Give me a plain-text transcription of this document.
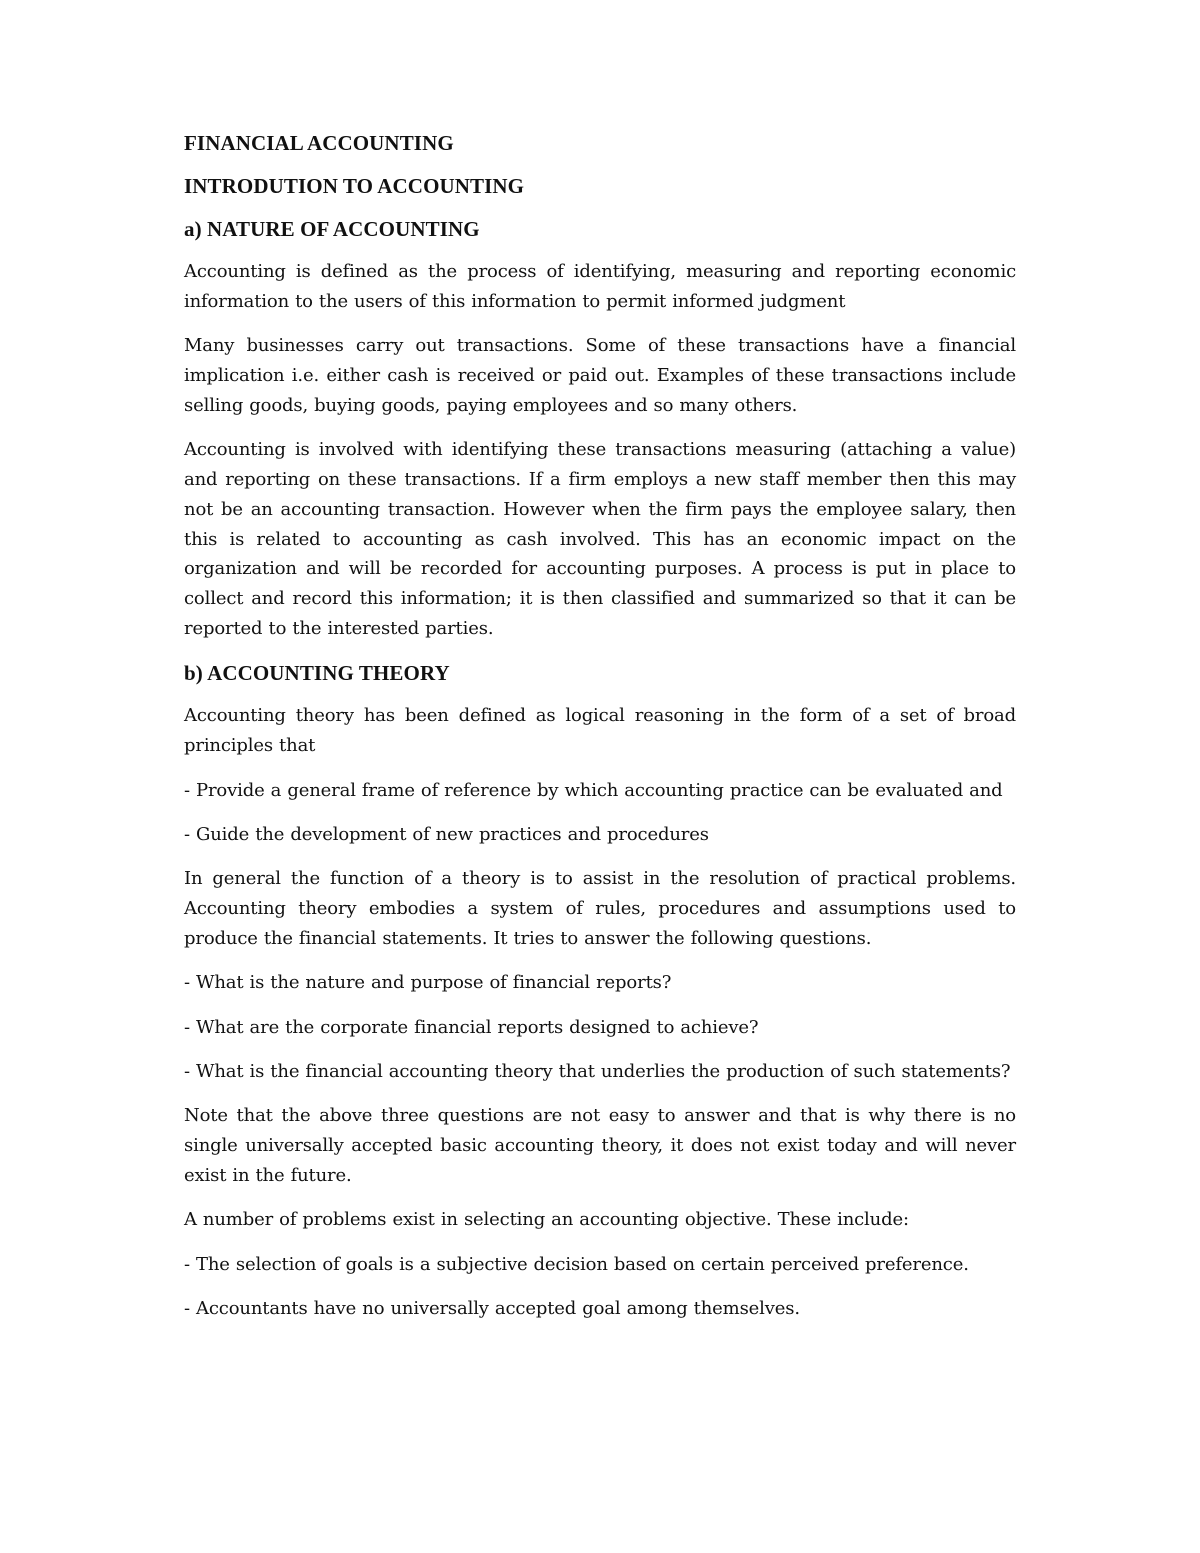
FINANCIAL ACCOUNTING
INTRODUTION TO ACCOUNTING
a) NATURE OF ACCOUNTING

Accounting is defined as the process of identifying, measuring and reporting economic information to the users of this information to permit informed judgment

Many businesses carry out transactions. Some of these transactions have a financial implication i.e. either cash is received or paid out. Examples of these transactions include selling goods, buying goods, paying employees and so many others.

Accounting is involved with identifying these transactions measuring (attaching a value) and reporting on these transactions. If a firm employs a new staff member then this may not be an accounting transaction. However when the firm pays the employee salary, then this is related to accounting as cash involved. This has an economic impact on the organization and will be recorded for accounting purposes. A process is put in place to collect and record this information; it is then classified and summarized so that it can be reported to the interested parties.

b) ACCOUNTING THEORY

Accounting theory has been defined as logical reasoning in the form of a set of broad principles that

- Provide a general frame of reference by which accounting practice can be evaluated and

- Guide the development of new practices and procedures

In general the function of a theory is to assist in the resolution of practical problems. Accounting theory embodies a system of rules, procedures and assumptions used to produce the financial statements. It tries to answer the following questions.

- What is the nature and purpose of financial reports?

- What are the corporate financial reports designed to achieve?

- What is the financial accounting theory that underlies the production of such statements?

Note that the above three questions are not easy to answer and that is why there is no single universally accepted basic accounting theory, it does not exist today and will never exist in the future.

A number of problems exist in selecting an accounting objective. These include:

- The selection of goals is a subjective decision based on certain perceived preference.

- Accountants have no universally accepted goal among themselves.
